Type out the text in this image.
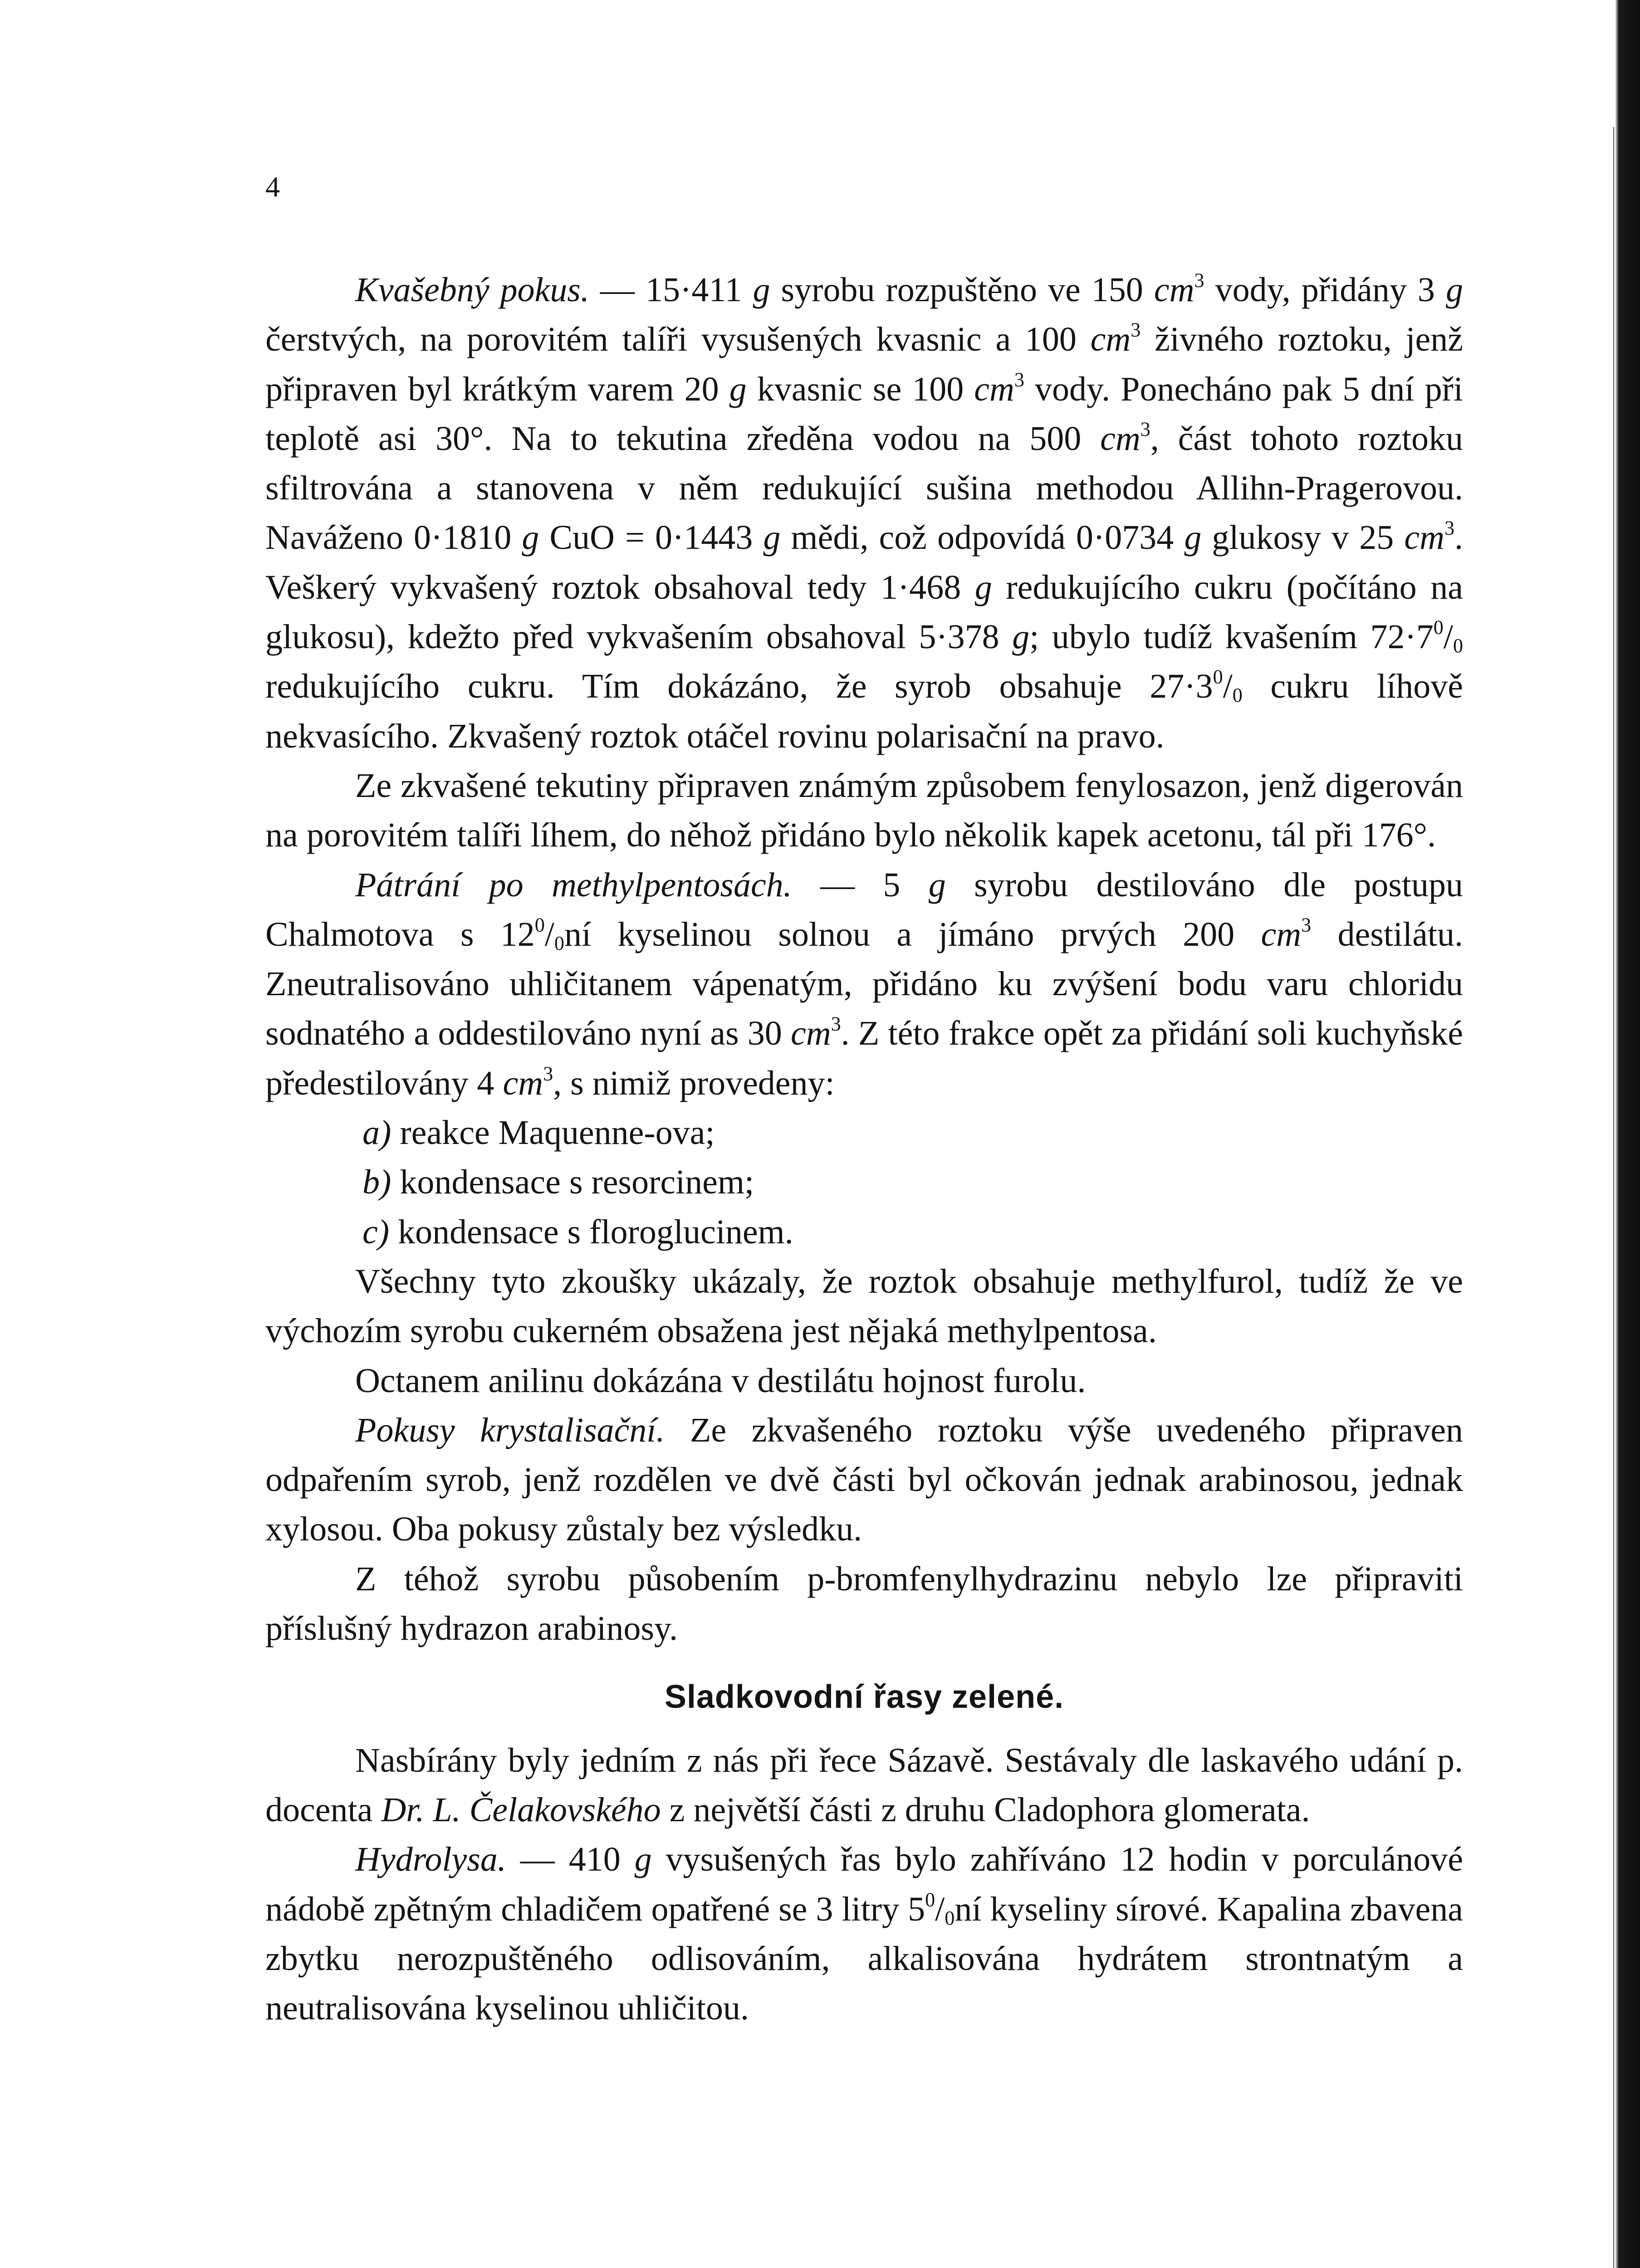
4

Kvašebný pokus. — 15·411 g syrobu rozpuštěno ve 150 $cm^3$ vody, přidány 3 g čerstvých, na porovitém talíři vysušených kvasnic a 100 $cm^3$ živného roztoku, jenž připraven byl krátkým varem 20 g kvasnic se 100 $cm^3$ vody. Ponecháno pak 5 dní při teplotě asi 30°. Na to tekutina zředěna vodou na 500 $cm^3$, část tohoto roztoku sfiltrována a stanovena v něm redukující sušina methodou Allihn-Pragerovou. Naváženo 0·1810 g CuO = 0·1443 g mědi, což odpovídá 0·0734 g glukosy v 25 $cm^3$. Veškerý vykvašený roztok obsahoval tedy 1·468 g redukujícího cukru (počítáno na glukosu), kdežto před vykvašením obsahoval 5·378 g; ubylo tudíž kvašením $72\cdot 7^0/_0$ redukujícího cukru. Tím dokázáno, že syrob obsahuje $27\cdot 3^0/_0$ cukru líhově nekvasícího. Zkvašený roztok otáčel rovinu polarisační na pravo.

Ze zkvašené tekutiny připraven známým způsobem fenylosazon, jenž digerován na porovitém talíři líhem, do něhož přidáno bylo několik kapek acetonu, tál při 176°.

Pátrání po methylpentosách. — 5 g syrobu destilováno dle postupu Chalmotova s $12^0/_0ní$ kyselinou solnou a jímáno prvých 200 $cm^3$ destilátu. Zneutralisováno uhličitanem vápenatým, přidáno ku zvýšení bodu varu chloridu sodnatého a oddestilováno nyní as 30 $cm^3$. Z této frakce opět za přidání soli kuchyňské předestilovány 4 $cm^3$, s nimiž provedeny:

a) reakce Maquenne-ova;

b) kondensace s resorcinem;

c) kondensace s floroglucinem.

Všechny tyto zkoušky ukázaly, že roztok obsahuje methylfurol, tudíž že ve výchozím syrobu cukerném obsažena jest nějaká methylpentosa.

Octanem anilinu dokázána v destilátu hojnost furolu.

Pokusy krystalisační. Ze zkvašeného roztoku výše uvedeného připraven odpařením syrob, jenž rozdělen ve dvě části byl očkován jednak arabinosou, jednak xylosou. Oba pokusy zůstaly bez výsledku.

Z téhož syrobu působením p-bromfenylhydrazinu nebylo lze připraviti příslušný hydrazon arabinosy.

Sladkovodní řasy zelené.

Nasbírány byly jedním z nás při řece Sázavě. Sestávaly dle laskavého udání p. docenta Dr. L. Čelakovského z největší části z druhu Cladophora glomerata.

Hydrolysa. — 410 g vysušených řas bylo zahříváno 12 hodin v porculánové nádobě zpětným chladičem opatřené se 3 litry $5^0/_0ní$ kyseliny sírové. Kapalina zbavena zbytku nerozpuštěného odlisováním, alkalisována hydrátem strontnatým a neutralisována kyselinou uhličitou.
